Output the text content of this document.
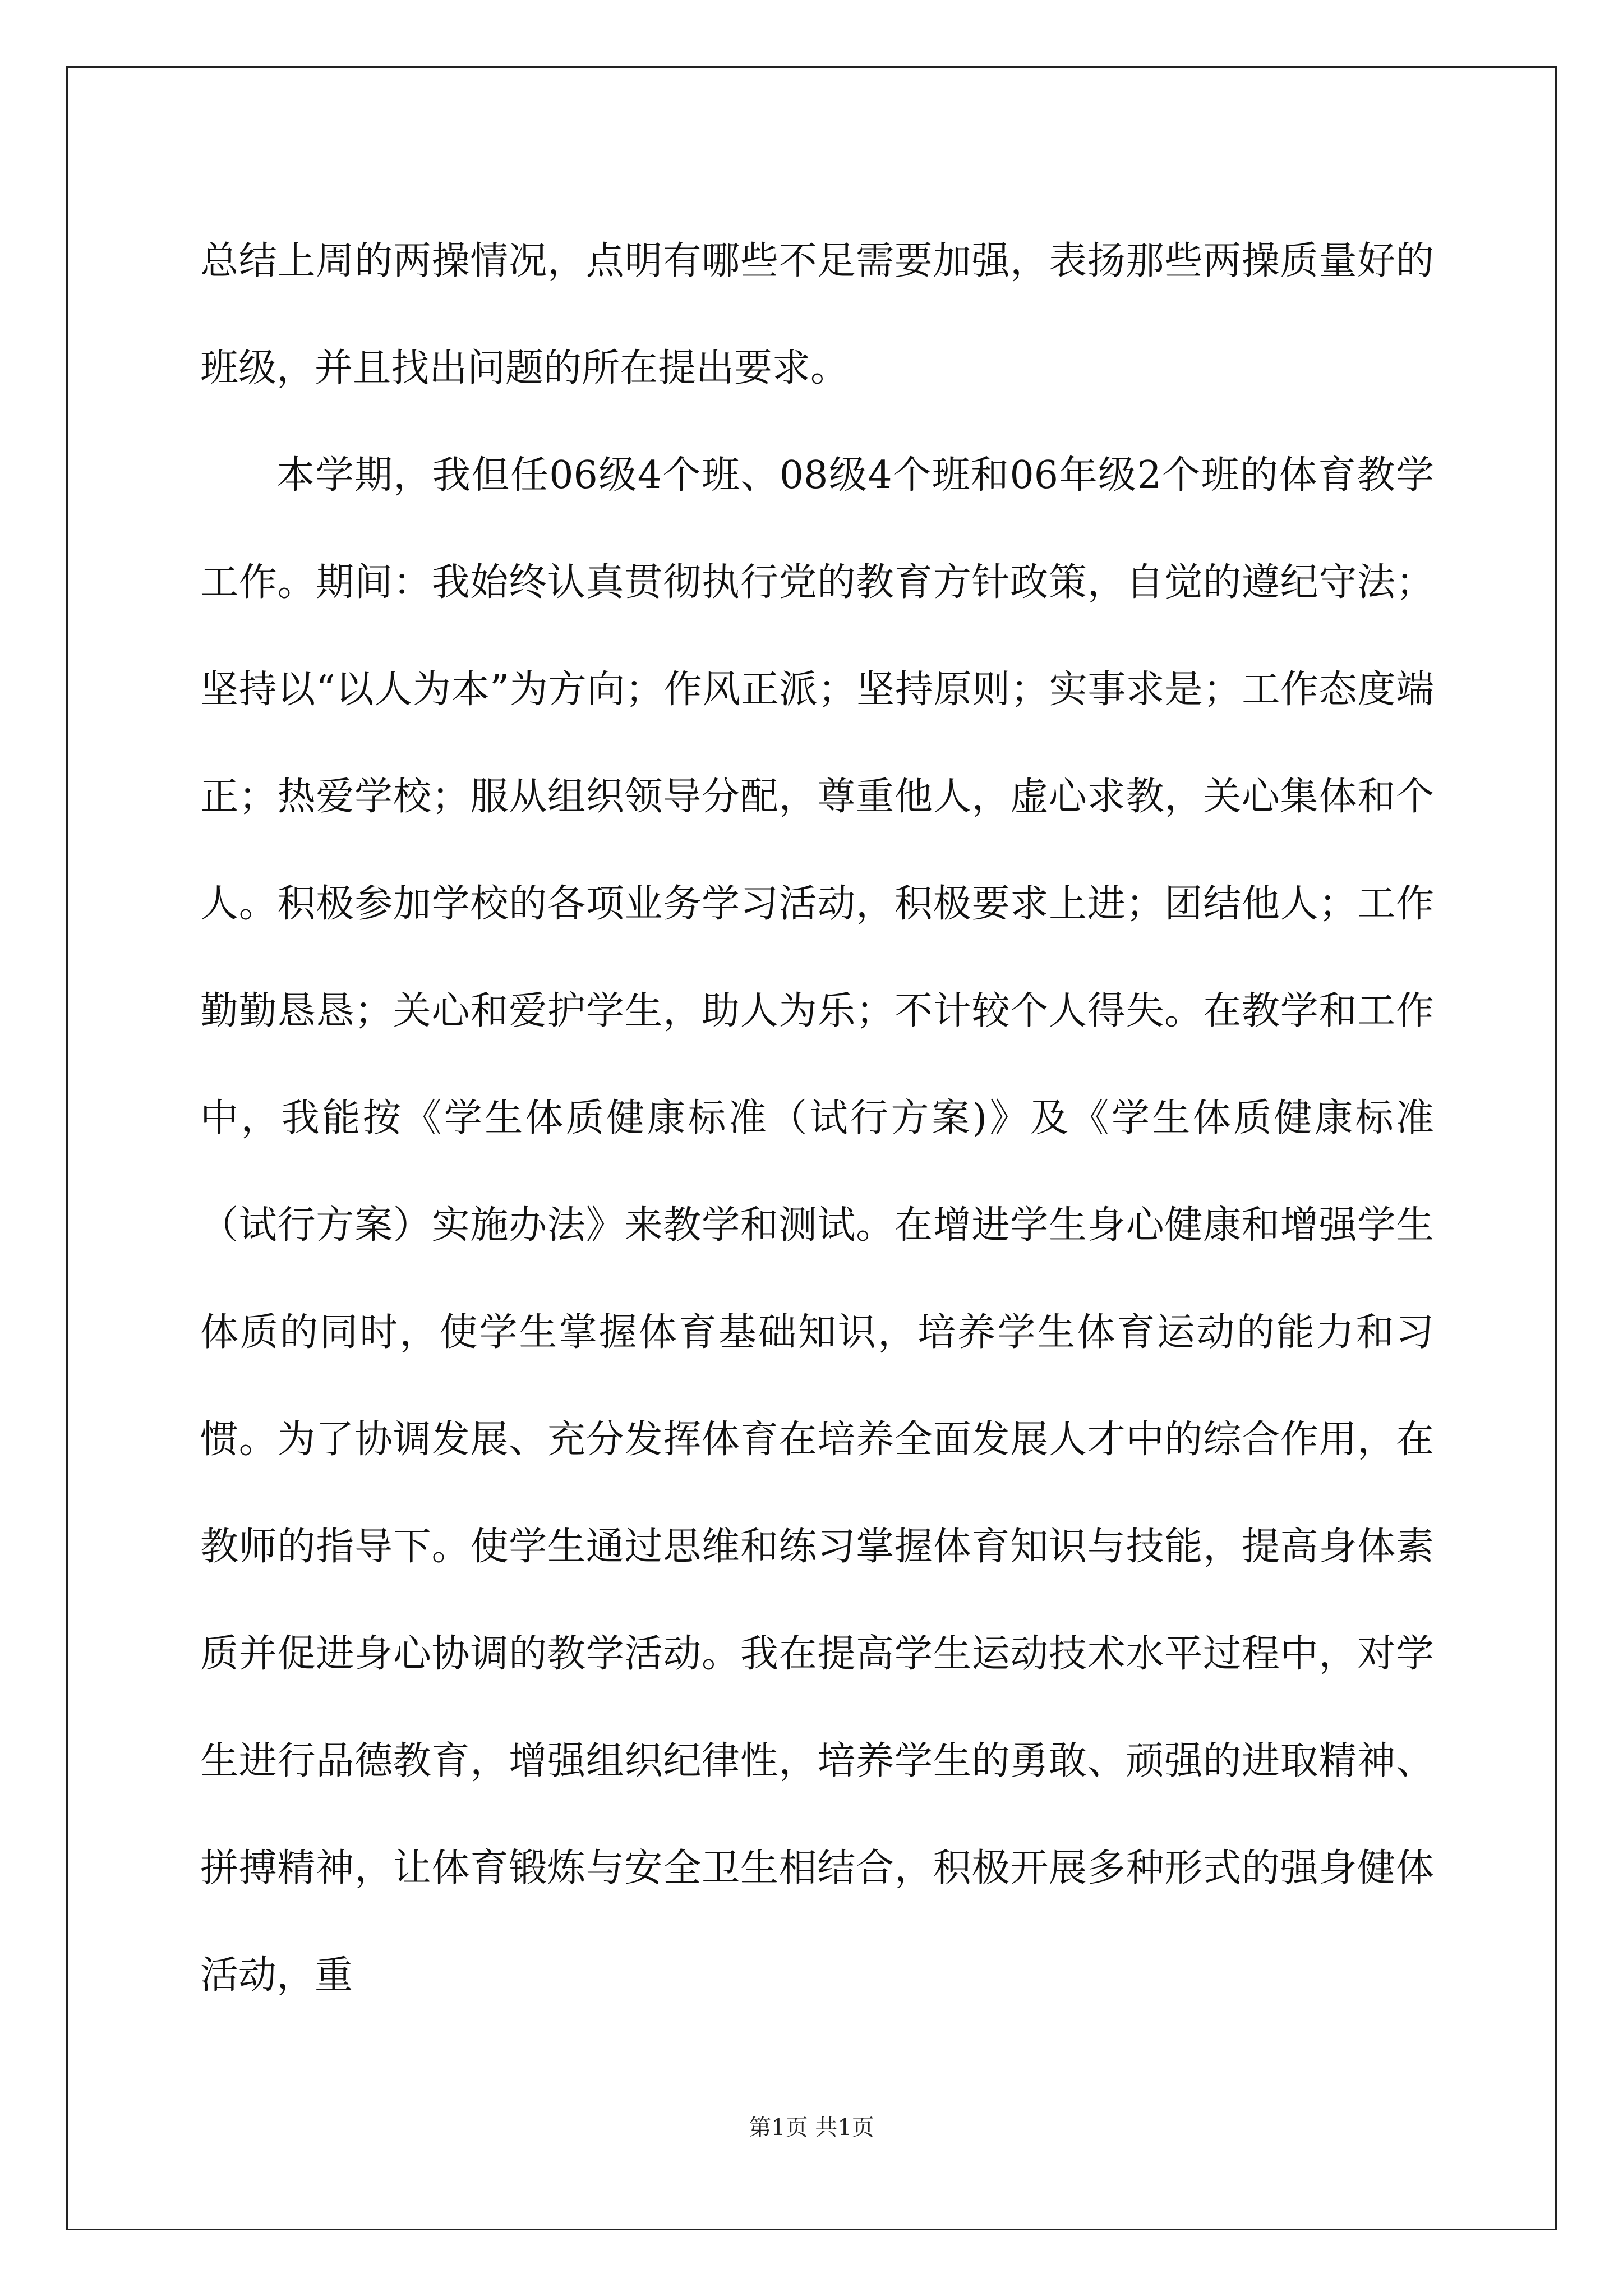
总结上周的两操情况，点明有哪些不足需要加强，表扬那些两操质量好的班级，并且找出问题的所在提出要求。

本学期，我但任06级4个班、08级4个班和06年级2个班的体育教学工作。期间：我始终认真贯彻执行党的教育方针政策，自觉的遵纪守法；坚持以“以人为本”为方向；作风正派；坚持原则；实事求是；工作态度端正；热爱学校；服从组织领导分配，尊重他人，虚心求教，关心集体和个人。积极参加学校的各项业务学习活动，积极要求上进；团结他人；工作勤勤恳恳；关心和爱护学生，助人为乐；不计较个人得失。在教学和工作中，我能按《学生体质健康标准（试行方案)》及《学生体质健康标准（试行方案）实施办法》来教学和测试。在增进学生身心健康和增强学生体质的同时，使学生掌握体育基础知识，培养学生体育运动的能力和习惯。为了协调发展、充分发挥体育在培养全面发展人才中的综合作用，在教师的指导下。使学生通过思维和练习掌握体育知识与技能，提高身体素质并促进身心协调的教学活动。我在提高学生运动技术水平过程中，对学生进行品德教育，增强组织纪律性，培养学生的勇敢、顽强的进取精神、拼搏精神，让体育锻炼与安全卫生相结合，积极开展多种形式的强身健体活动，重

第1页 共1页
